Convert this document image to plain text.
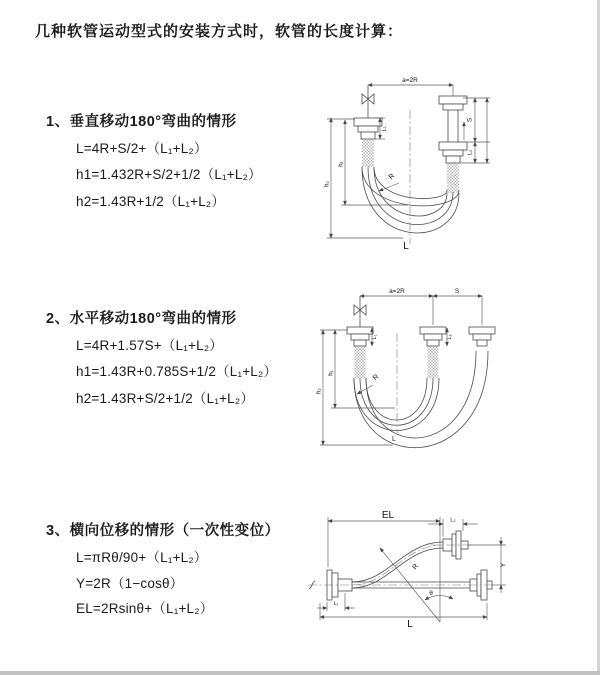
几种软管运动型式的安装方式时，软管的长度计算：
1、垂直移动180°弯曲的情形
L=4R+S/2+（L₁+L₂）
h1=1.432R+S/2+1/2（L₁+L₂）
h2=1.43R+1/2（L₁+L₂）
2、水平移动180°弯曲的情形
L=4R+1.57S+（L₁+L₂）
h1=1.43R+0.785S+1/2（L₁+L₂）
h2=1.43R+S/2+1/2（L₁+L₂）
3、横向位移的情形（一次性变位）
L=πRθ/90+（L₁+L₂）
Y=2R（1−cosθ）
EL=2Rsinθ+（L₁+L₂）
a=2R
R
h₁
h₂
L₁
S
L₂
L
a=2R	S
R
h₁
h₂
L₁	L₂
L
EL	L₂
Y
R
θ
L₁
L
